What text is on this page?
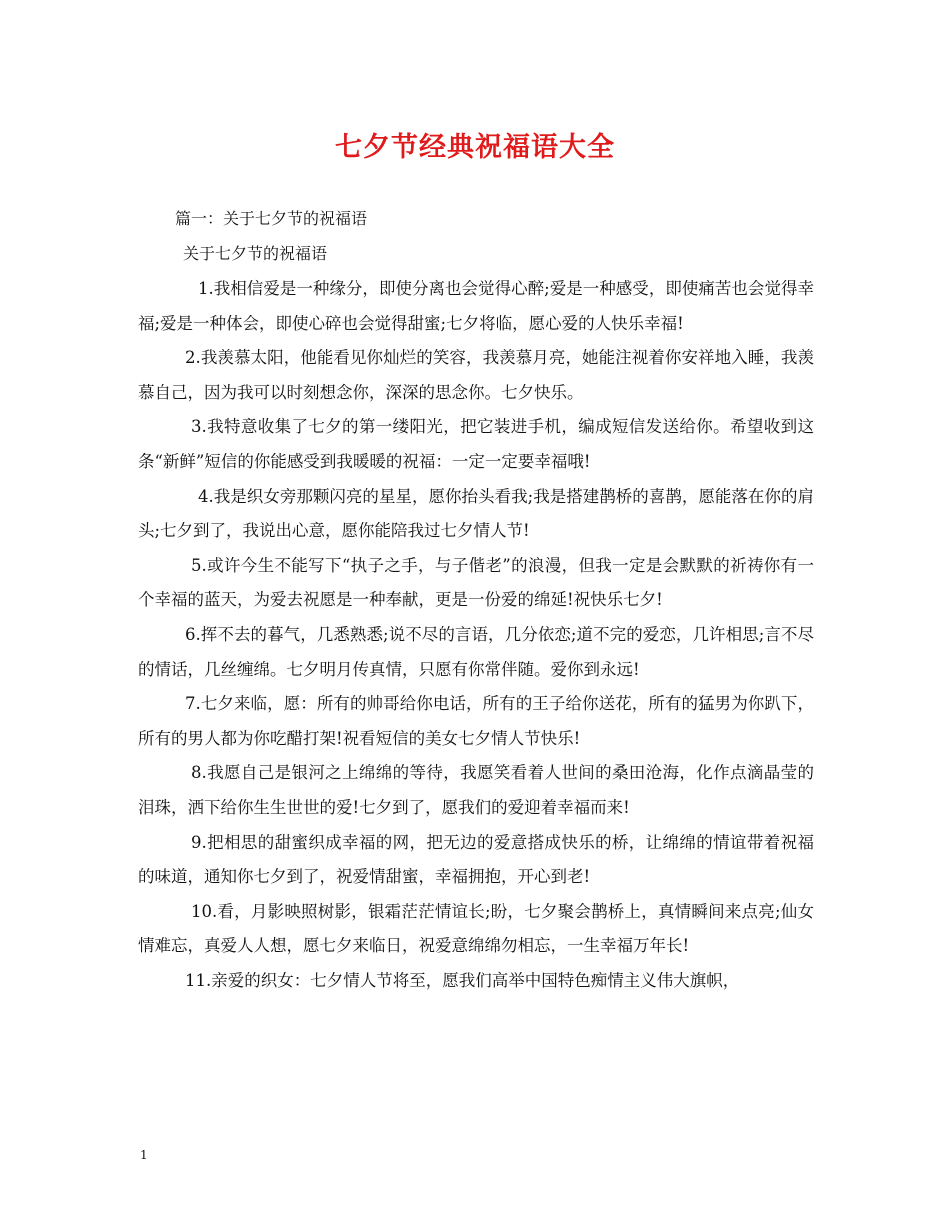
七夕节经典祝福语大全
篇一：关于七夕节的祝福语
关于七夕节的祝福语

1.我相信爱是一种缘分，即使分离也会觉得心醉;爱是一种感受，即使痛苦也会觉得幸福;爱是一种体会，即使心碎也会觉得甜蜜;七夕将临，愿心爱的人快乐幸福!

2.我羡慕太阳，他能看见你灿烂的笑容，我羡慕月亮，她能注视着你安祥地入睡，我羡慕自己，因为我可以时刻想念你，深深的思念你。七夕快乐。

3.我特意收集了七夕的第一缕阳光，把它装进手机，编成短信发送给你。希望收到这条“新鲜”短信的你能感受到我暖暖的祝福：一定一定要幸福哦!

4.我是织女旁那颗闪亮的星星，愿你抬头看我;我是搭建鹊桥的喜鹊，愿能落在你的肩头;七夕到了，我说出心意，愿你能陪我过七夕情人节!

5.或许今生不能写下“执子之手，与子偕老”的浪漫，但我一定是会默默的祈祷你有一个幸福的蓝天，为爱去祝愿是一种奉献，更是一份爱的绵延!祝快乐七夕!

6.挥不去的暮气，几悉熟悉;说不尽的言语，几分依恋;道不完的爱恋，几许相思;言不尽的情话，几丝缠绵。七夕明月传真情，只愿有你常伴随。爱你到永远!

7.七夕来临，愿：所有的帅哥给你电话，所有的王子给你送花，所有的猛男为你趴下，所有的男人都为你吃醋打架!祝看短信的美女七夕情人节快乐!

8.我愿自己是银河之上绵绵的等待，我愿笑看着人世间的桑田沧海，化作点滴晶莹的泪珠，洒下给你生生世世的爱!七夕到了，愿我们的爱迎着幸福而来!

9.把相思的甜蜜织成幸福的网，把无边的爱意搭成快乐的桥，让绵绵的情谊带着祝福的味道，通知你七夕到了，祝爱情甜蜜，幸福拥抱，开心到老!

10.看，月影映照树影，银霜茫茫情谊长;盼，七夕聚会鹊桥上，真情瞬间来点亮;仙女情难忘，真爱人人想，愿七夕来临日，祝爱意绵绵勿相忘，一生幸福万年长!

11.亲爱的织女：七夕情人节将至，愿我们高举中国特色痴情主义伟大旗帜，

1
